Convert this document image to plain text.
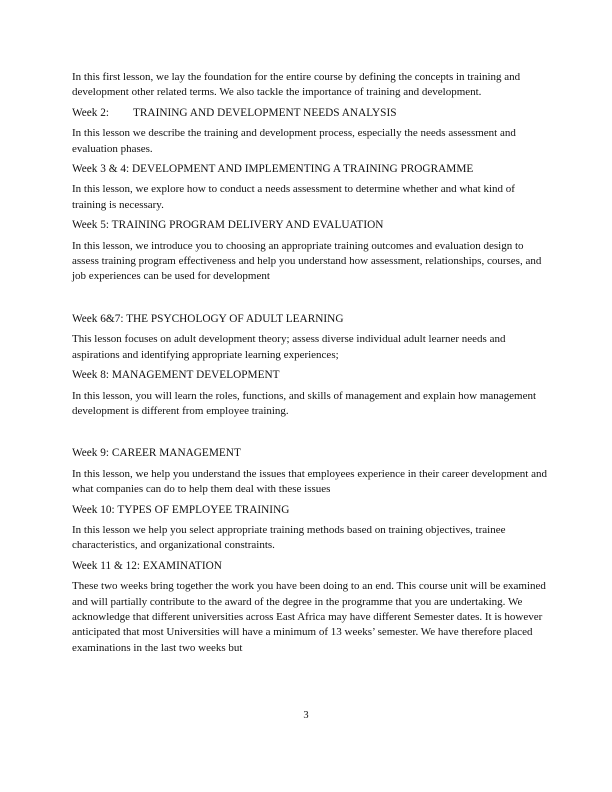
In this first lesson, we lay the foundation for the entire course by defining the concepts in training and development other related terms. We also tackle the importance of training and development.

Week 2: TRAINING AND DEVELOPMENT NEEDS ANALYSIS

In this lesson we describe the training and development process, especially the needs assessment and evaluation phases.

Week 3 & 4: DEVELOPMENT AND IMPLEMENTING A TRAINING PROGRAMME

In this lesson, we explore how to conduct a needs assessment to determine whether and what kind of training is necessary.

Week 5: TRAINING PROGRAM DELIVERY AND EVALUATION

In this lesson, we introduce you to choosing an appropriate training outcomes and evaluation design to assess training program effectiveness and help you understand how assessment, relationships, courses, and job experiences can be used for development

Week 6&7: THE PSYCHOLOGY OF ADULT LEARNING

This lesson focuses on adult development theory; assess diverse individual adult learner needs and aspirations and identifying appropriate learning experiences;

Week 8: MANAGEMENT DEVELOPMENT

In this lesson, you will learn the roles, functions, and skills of management and explain how management development is different from employee training.

Week 9: CAREER MANAGEMENT

In this lesson, we help you understand the issues that employees experience in their career development and what companies can do to help them deal with these issues

Week 10: TYPES OF EMPLOYEE TRAINING

In this lesson we help you select appropriate training methods based on training objectives, trainee characteristics, and organizational constraints.

Week 11 & 12: EXAMINATION

These two weeks bring together the work you have been doing to an end. This course unit will be examined and will partially contribute to the award of the degree in the programme that you are undertaking. We acknowledge that different universities across East Africa may have different Semester dates. It is however anticipated that most Universities will have a minimum of 13 weeks’ semester. We have therefore placed examinations in the last two weeks but

3
